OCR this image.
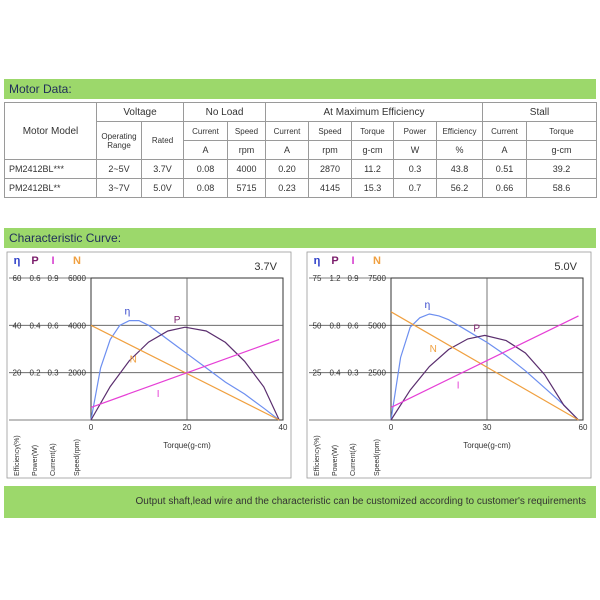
Motor Data:
Motor Model	Voltage		No Load		At Maximum Efficiency					Stall	
	Operating Range	Rated	Current	Speed	Current	Speed	Torque	Power	Efficiency	Current	Torque
			A	rpm	A	rpm	g-cm	W	%	A	g-cm
PM2412BL***	2~5V	3.7V	0.08	4000	0.20	2870	11.2	0.3	43.8	0.51	39.2
PM2412BL**	3~7V	5.0V	0.08	5715	0.23	4145	15.3	0.7	56.2	0.66	58.6
Characteristic Curve:
η P I N
60
40
20
0.6
0.4
0.2
0.9
0.6
0.3
6000
4000
2000
0	20	40
Torque(g-cm)
Efficiency(%) Power(W) Current(A) Speed(rpm)
3.7V
η
P
N
I
η P I N
75
50
25
1.2
0.8
0.4
0.9
0.6
0.3
7500
5000
2500
0	30	60
Torque(g-cm)
Efficiency(%) Power(W) Current(A) Speed(rpm)
5.0V
η
P
N
I
Output shaft,lead wire and the characteristic can be customized according to customer's requirements
